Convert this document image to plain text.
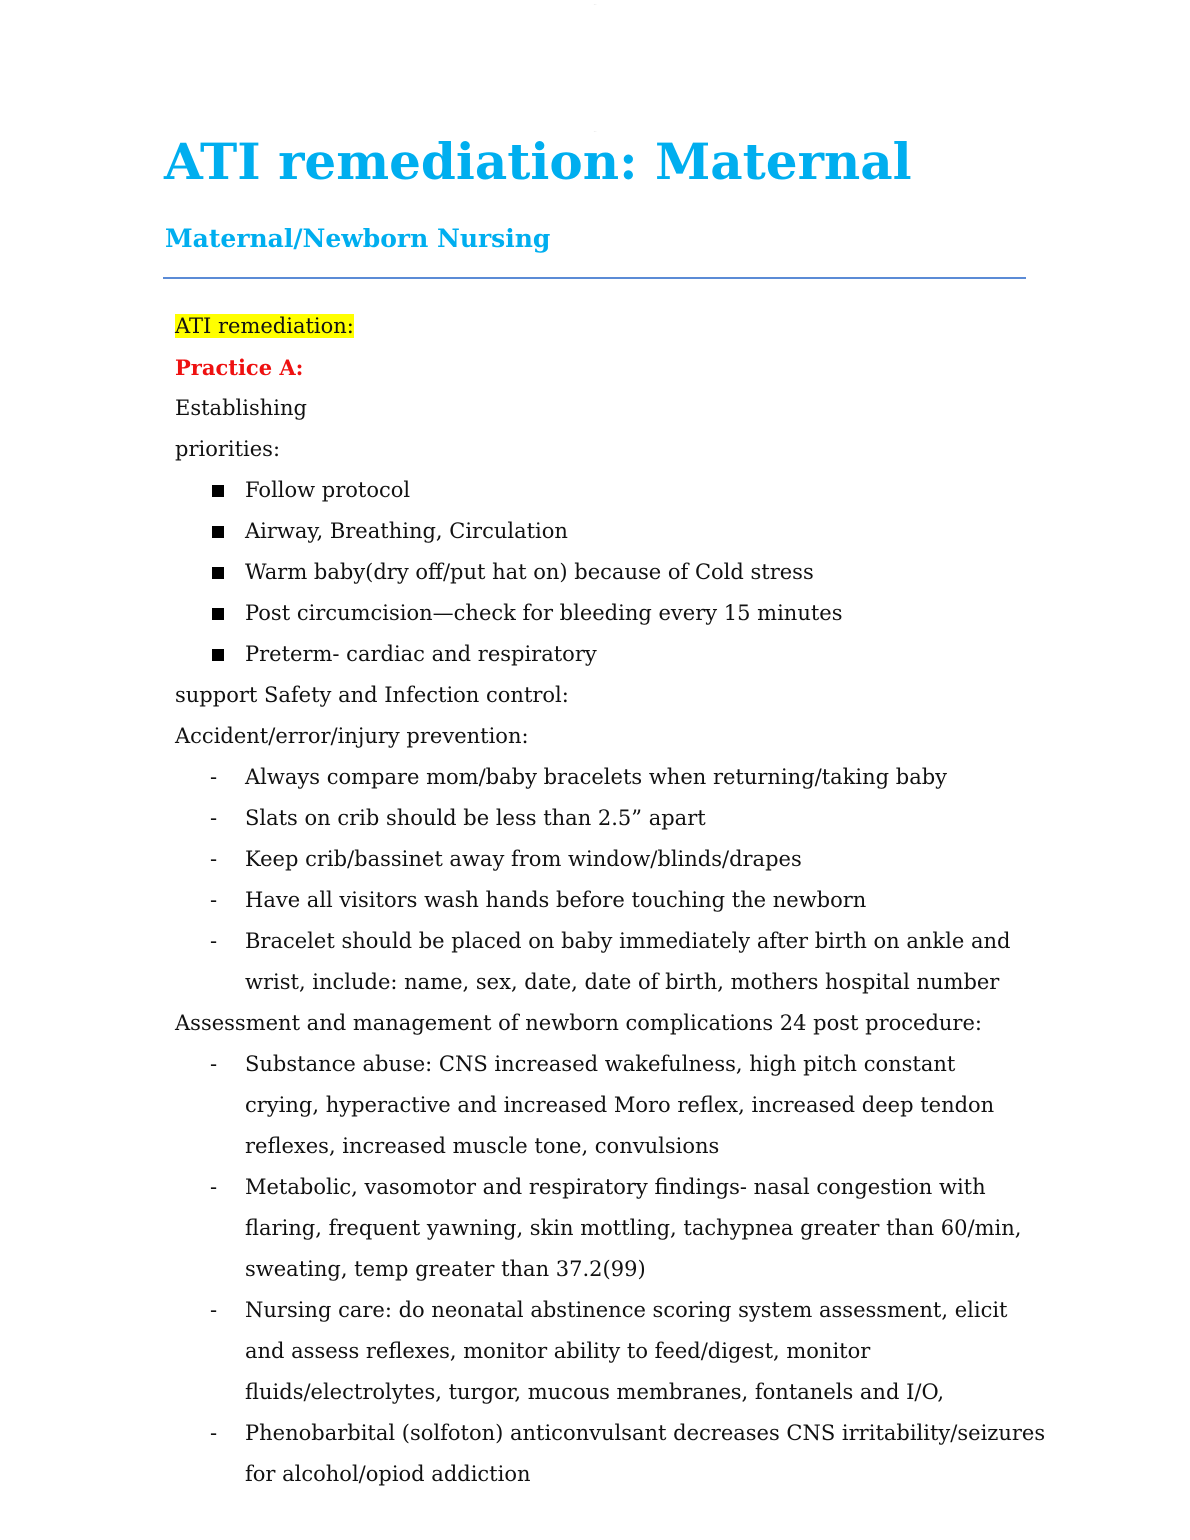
...
...
ATI remediation: Maternal
Maternal/Newborn Nursing
ATI remediation:
Practice A:
Establishing
priorities:
Follow protocol
Airway, Breathing, Circulation
Warm baby(dry off/put hat on) because of Cold stress
Post circumcision—check for bleeding every 15 minutes
Preterm- cardiac and respiratory
support Safety and Infection control:
Accident/error/injury prevention:
- Always compare mom/baby bracelets when returning/taking baby
- Slats on crib should be less than 2.5” apart
- Keep crib/bassinet away from window/blinds/drapes
- Have all visitors wash hands before touching the newborn
- Bracelet should be placed on baby immediately after birth on ankle and
wrist, include: name, sex, date, date of birth, mothers hospital number
Assessment and management of newborn complications 24 post procedure:
- Substance abuse: CNS increased wakefulness, high pitch constant
crying, hyperactive and increased Moro reflex, increased deep tendon
reflexes, increased muscle tone, convulsions
- Metabolic, vasomotor and respiratory findings- nasal congestion with
flaring, frequent yawning, skin mottling, tachypnea greater than 60/min,
sweating, temp greater than 37.2(99)
- Nursing care: do neonatal abstinence scoring system assessment, elicit
and assess reflexes, monitor ability to feed/digest, monitor
fluids/electrolytes, turgor, mucous membranes, fontanels and I/O,
- Phenobarbital (solfoton) anticonvulsant decreases CNS irritability/seizures
for alcohol/opiod addiction
